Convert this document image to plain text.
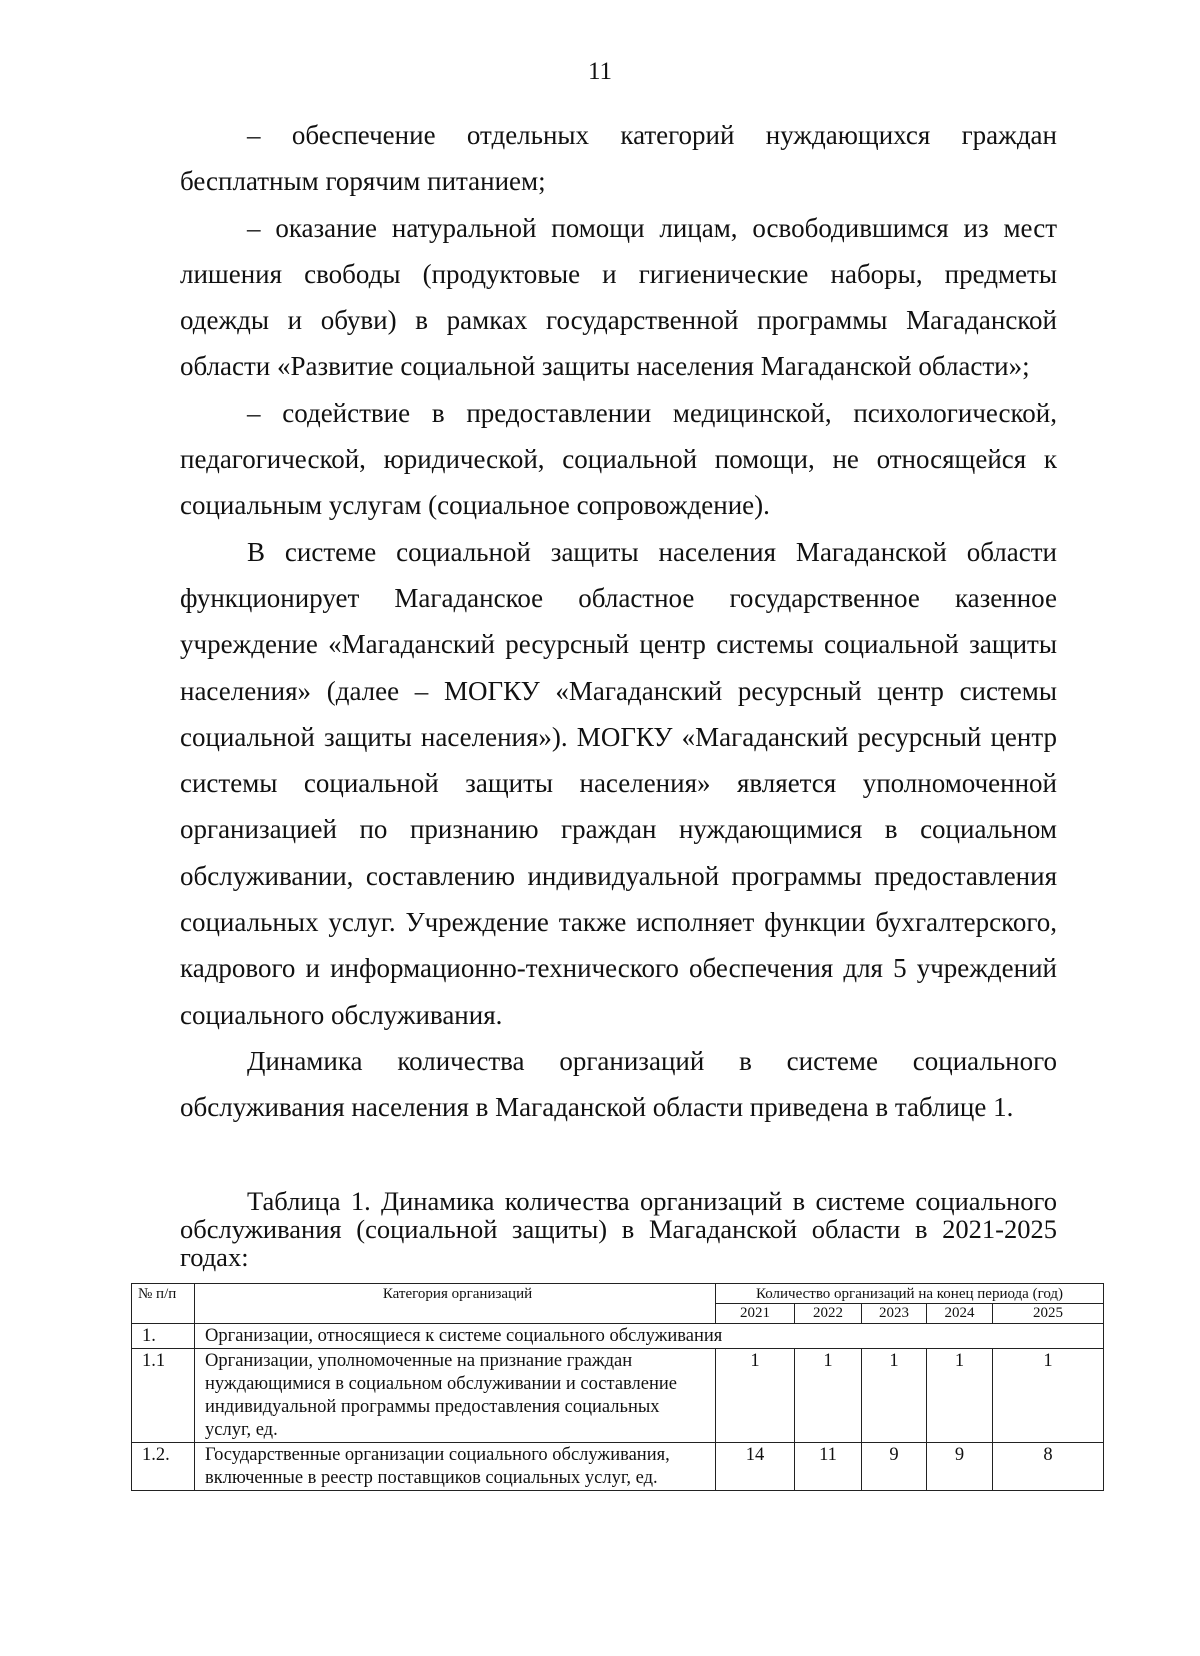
11

– обеспечение отдельных категорий нуждающихся граждан бесплатным горячим питанием;

– оказание натуральной помощи лицам, освободившимся из мест лишения свободы (продуктовые и гигиенические наборы, предметы одежды и обуви) в рамках государственной программы Магаданской области «Развитие социальной защиты населения Магаданской области»;

– содействие в предоставлении медицинской, психологической, педагогической, юридической, социальной помощи, не относящейся к социальным услугам (социальное сопровождение).

В системе социальной защиты населения Магаданской области функционирует Магаданское областное государственное казенное учреждение «Магаданский ресурсный центр системы социальной защиты населения» (далее – МОГКУ «Магаданский ресурсный центр системы социальной защиты населения»). МОГКУ «Магаданский ресурсный центр системы социальной защиты населения» является уполномоченной организацией по признанию граждан нуждающимися в социальном обслуживании, составлению индивидуальной программы предоставления социальных услуг. Учреждение также исполняет функции бухгалтерского, кадрового и информационно-технического обеспечения для 5 учреждений социального обслуживания.

Динамика количества организаций в системе социального обслуживания населения в Магаданской области приведена в таблице 1.

Таблица 1. Динамика количества организаций в системе социального обслуживания (социальной защиты) в Магаданской области в 2021-2025 годах:
№ п/п	Категория организаций	Количество организаций на конец периода (год)				
		2021	2022	2023	2024	2025
1.	Организации, относящиеся к системе социального обслуживания					
1.1	Организации, уполномоченные на признание граждан нуждающимися в социальном обслуживании и составление индивидуальной программы предоставления социальных услуг, ед.	1	1	1	1	1
1.2.	Государственные организации социального обслуживания, включенные в реестр поставщиков социальных услуг, ед.	14	11	9	9	8
